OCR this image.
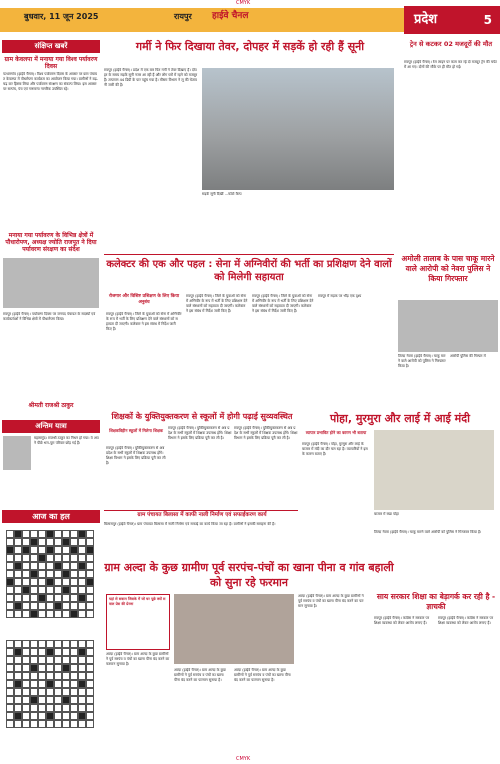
CMYK
बुधवार, 11 जून 2025	रायपुर हाईवे चैनल	प्रदेश	5
संक्षिप्त खबरें
ग्राम केवलपा में मनाया गया विश्व पर्यावरण दिवस
पत्थलगांव (हाईवे चैनल)। विश्व पर्यावरण दिवस के अवसर पर ग्राम पंचायत केवलपा में पौधरोपण कार्यक्रम का आयोजन किया गया। ग्रामीणों ने बढ़-चढ़ कर हिस्सा लिया और पर्यावरण संरक्षण का संकल्प लिया। इस अवसर पर सरपंच, पंच एवं गणमान्य नागरिक उपस्थित रहे।
मनाया गया पर्यावरण के विभिन्न क्षेत्रों में पौधारोपण, अध्यक्ष ज्योति राजपूत ने दिया पर्यावरण संरक्षण का संदेश
रायपुर (हाईवे चैनल)। पर्यावरण दिवस पर जनपद पंचायत के सदस्यों एवं कार्यकर्ताओं ने विभिन्न क्षेत्रों में पौधारोपण किया।
श्रीमती राजश्री ठाकुर
अन्तिम यात्रा
महासमुंद। राजश्री ठाकुर का निधन हो गया। वे अपने पीछे भरा-पूरा परिवार छोड़ गई हैं।
आज का हल
गर्मी ने फिर दिखाया तेवर, दोपहर में सड़कें हो रही हैं सूनी
रायपुर (हाईवे चैनल)। प्रदेश में एक बार फिर गर्मी ने तेवर दिखाए हैं। दोपहर के समय सड़कें सूनी नजर आ रही हैं और लोग घरों में रहने को मजबूर हैं। तापमान 44 डिग्री के पार पहुंच गया है। मौसम विभाग ने लू की चेतावनी जारी की है।
सड़कें सूनी दिखीं ...फोटो कैम्प
कलेक्टर की एक और पहल : सेना में अग्निवीरों की भर्ती का प्रशिक्षण देने वालों को मिलेगी सहायता
रोजगार और विशिष्ट प्रशिक्षण के लिए किया अनुबंध
रायपुर (हाईवे चैनल)। जिले के युवाओं को सेना में अग्निवीर के रूप में भर्ती के लिए प्रशिक्षण देने वाले संस्थानों को सहायता दी जाएगी। कलेक्टर ने इस संबंध में निर्देश जारी किए हैं।
रायपुर (हाईवे चैनल)। जिले के युवाओं को सेना में अग्निवीर के रूप में भर्ती के लिए प्रशिक्षण देने वाले संस्थानों को सहायता दी जाएगी। कलेक्टर ने इस संबंध में निर्देश जारी किए हैं।
रायपुर (हाईवे चैनल)। जिले के युवाओं को सेना में अग्निवीर के रूप में भर्ती के लिए प्रशिक्षण देने वाले संस्थानों को सहायता दी जाएगी। कलेक्टर ने इस संबंध में निर्देश जारी किए हैं।
रायपुर में सड़क पर भीड़ एक दृश्य
शिक्षकों के युक्तियुक्तकरण से स्कूलों में होगी पढ़ाई सुव्यवस्थित
शिक्षकविहीन स्कूलों में मिलेगा शिक्षक
रायपुर (हाईवे चैनल)। युक्तियुक्तकरण से अब प्रदेश के सभी स्कूलों में शिक्षक उपलब्ध होंगे। शिक्षा विभाग ने इसके लिए प्रक्रिया पूरी कर ली है।
रायपुर (हाईवे चैनल)। युक्तियुक्तकरण से अब प्रदेश के सभी स्कूलों में शिक्षक उपलब्ध होंगे। शिक्षा विभाग ने इसके लिए प्रक्रिया पूरी कर ली है।
रायपुर (हाईवे चैनल)। युक्तियुक्तकरण से अब प्रदेश के सभी स्कूलों में शिक्षक उपलब्ध होंगे। शिक्षा विभाग ने इसके लिए प्रक्रिया पूरी कर ली है।
पोहा, मुरमुरा और लाई में आई मंदी
व्यापार प्रभावित होने का कारण भी बताया
रायपुर (हाईवे चैनल)। पोहा, मुरमुरा और लाई के बाजार में मंदी का दौर चल रहा है। व्यापारियों ने इसके कारण बताए हैं।
बाजार में रखा पोहा
ग्राम पंचायत बिलासा में काफी नाली निर्माण एवं सफाईकरण कार्य
बिलासपुर (हाईवे चैनल)। ग्राम पंचायत बिलासा में नाली निर्माण एवं सफाई का कार्य किया जा रहा है। ग्रामीणों ने इसकी सराहना की है।
ग्राम अल्दा के कुछ ग्रामीण पूर्व सरपंच-पंचों का खाना पीना व गांव बहाली को सुना रहे फरमान
यहां से सवाल जिसके में जो घर पूछे क्यों सवाल प्रेस की प्रेरणा
अल्दा (हाईवे चैनल)। ग्राम अल्दा के कुछ ग्रामीणों ने पूर्व सरपंच व पंचों का खाना पीना बंद करने का फरमान सुनाया है।
अल्दा (हाईवे चैनल)। ग्राम अल्दा के कुछ ग्रामीणों ने पूर्व सरपंच व पंचों का खाना पीना बंद करने का फरमान सुनाया है।
अल्दा (हाईवे चैनल)। ग्राम अल्दा के कुछ ग्रामीणों ने पूर्व सरपंच व पंचों का खाना पीना बंद करने का फरमान सुनाया है।
अल्दा (हाईवे चैनल)। ग्राम अल्दा के कुछ ग्रामीणों ने पूर्व सरपंच व पंचों का खाना पीना बंद करने का फरमान सुनाया है।
ट्रेन से कटकर 02 मजदूरों की मौत
रायपुर (हाईवे चैनल)। रेल लाइन पर काम कर रहे दो मजदूर ट्रेन की चपेट में आ गए। दोनों की मौके पर ही मौत हो गई।
अमोली तालाब के पास चाकू मारने वाले आरोपी को नेवरा पुलिस ने किया गिरफ्तार
तिल्दा नेवरा (हाईवे चैनल)। चाकू मारने वाले आरोपी को पुलिस ने गिरफ्तार किया है।
आरोपी पुलिस की गिरफ्त में
तिल्दा नेवरा (हाईवे चैनल)। चाकू मारने वाले आरोपी को पुलिस ने गिरफ्तार किया है।
साय सरकार शिक्षा का बेड़ागर्क कर रही है - ज्ञाचकी
रायपुर (हाईवे चैनल)। कांग्रेस ने सरकार पर शिक्षा व्यवस्था को लेकर आरोप लगाए हैं।
रायपुर (हाईवे चैनल)। कांग्रेस ने सरकार पर शिक्षा व्यवस्था को लेकर आरोप लगाए हैं।
CMYK
